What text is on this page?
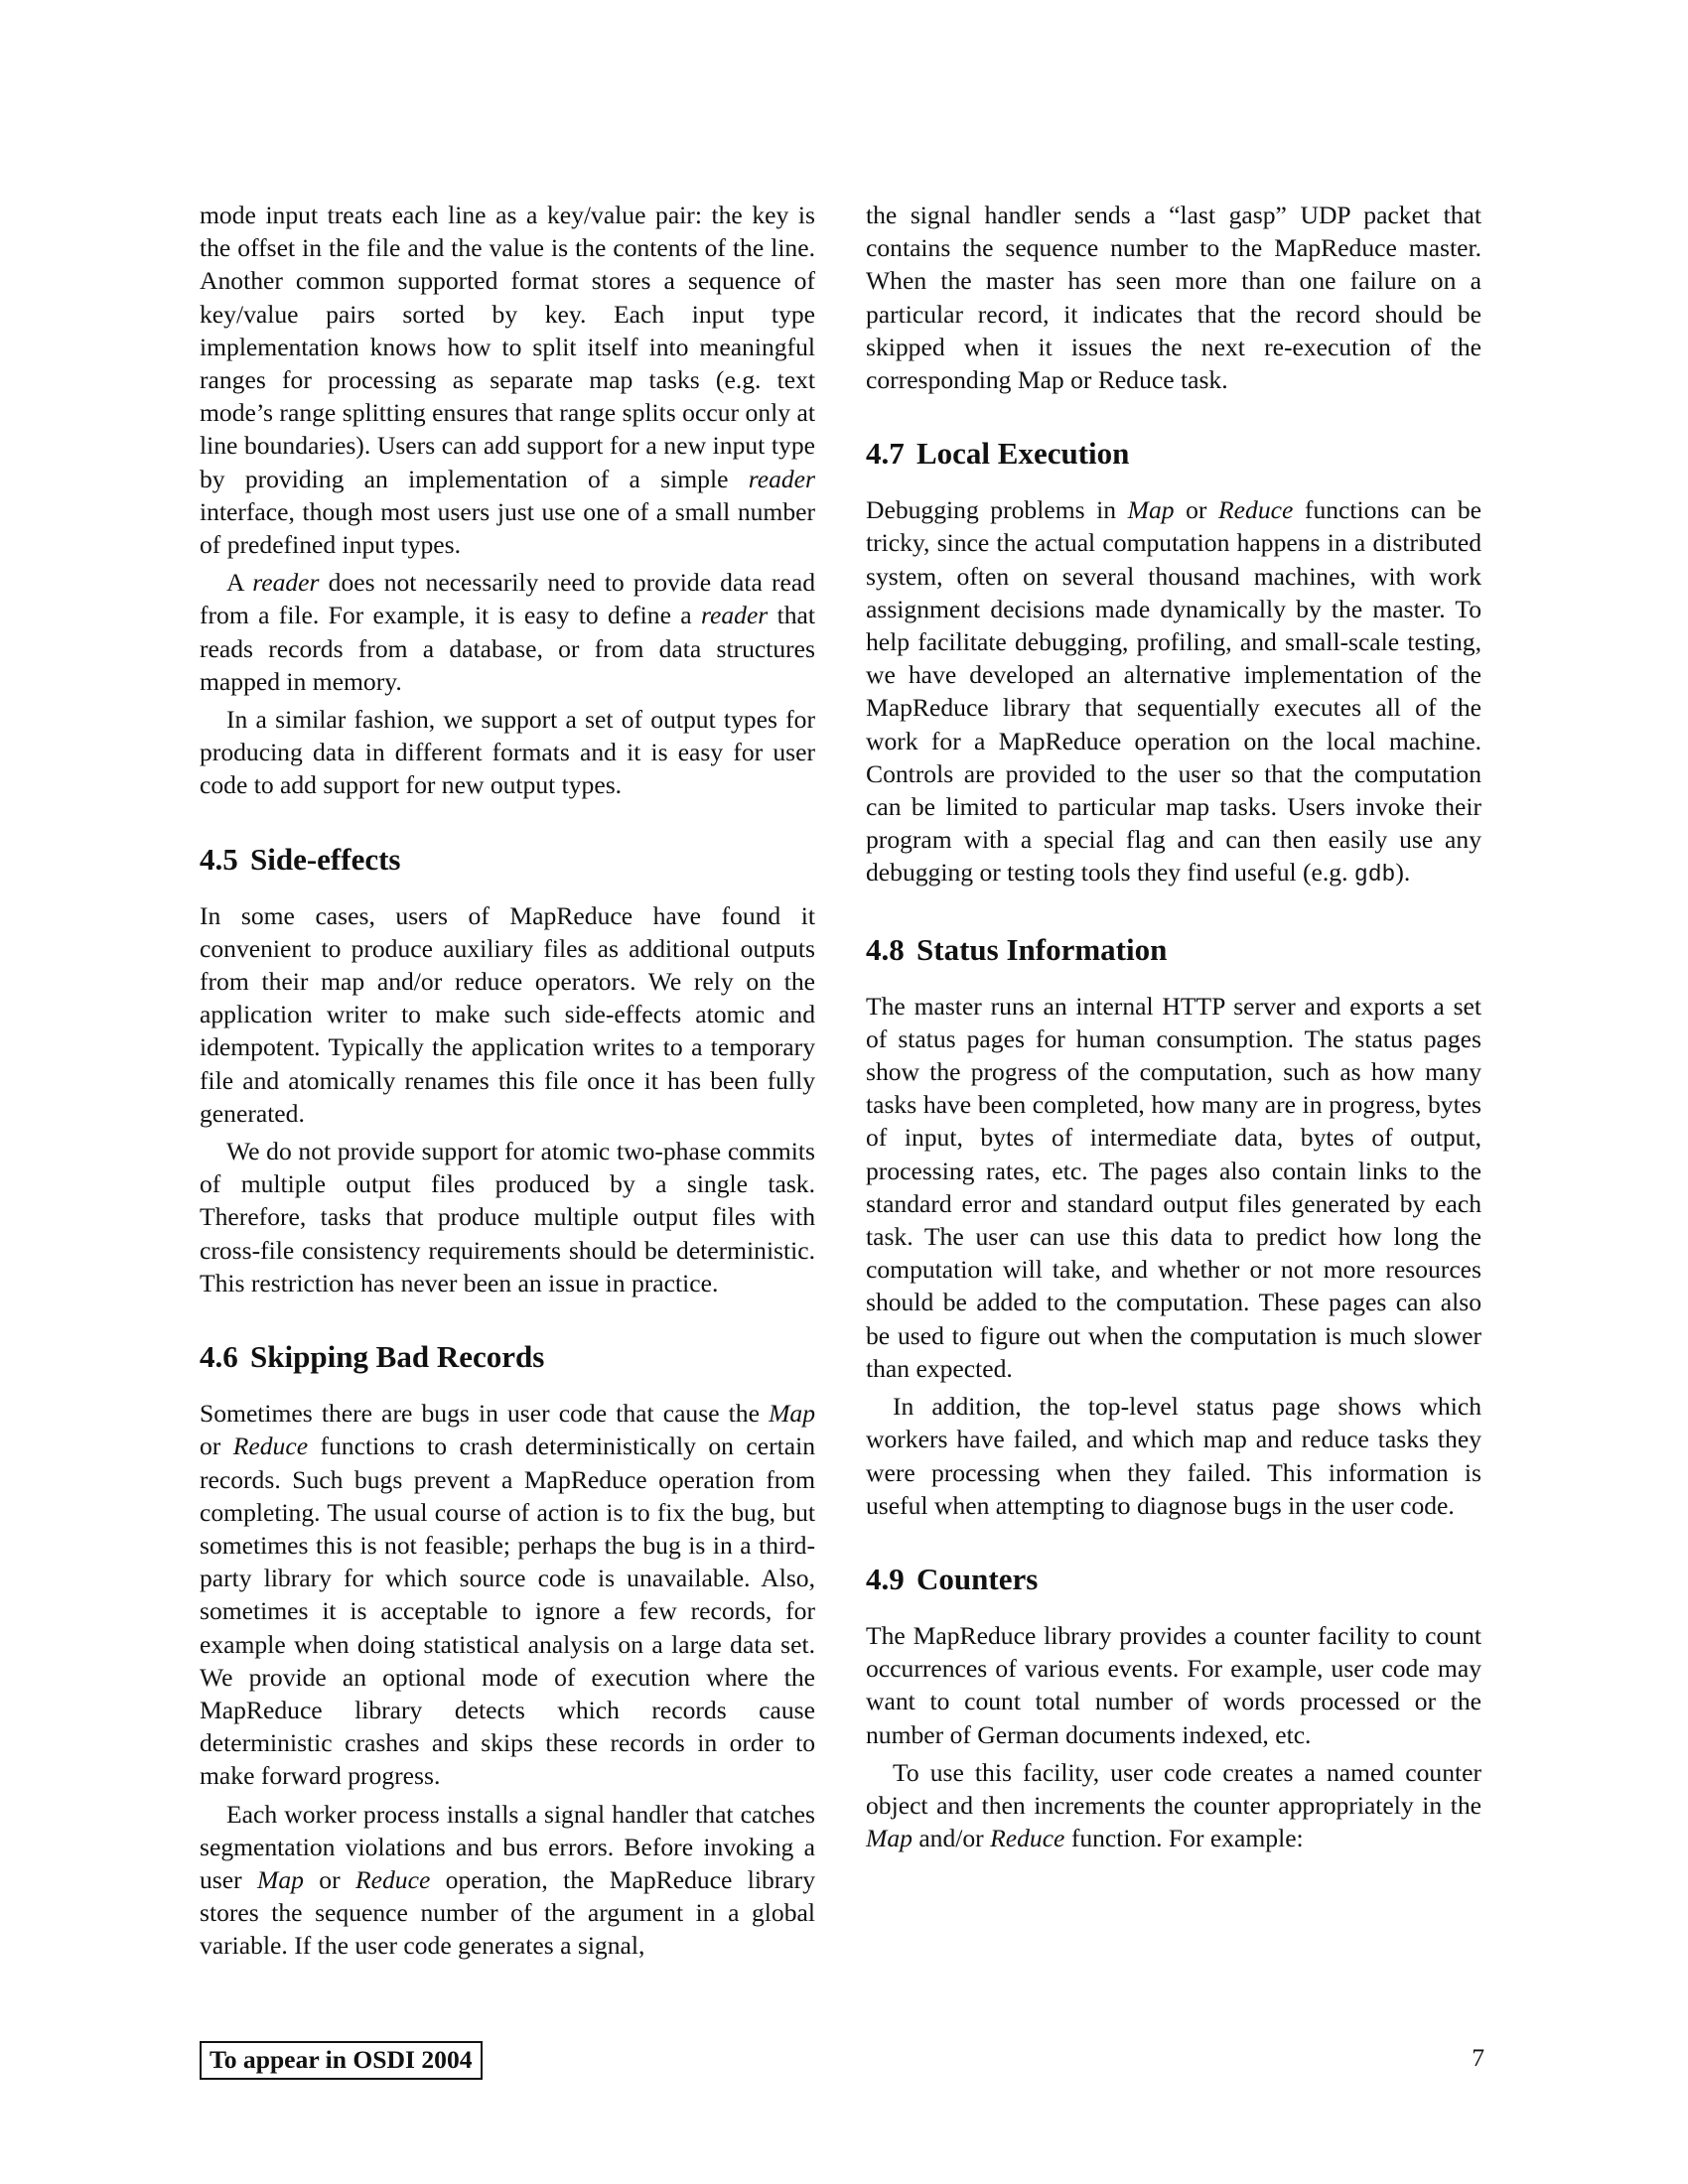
mode input treats each line as a key/value pair: the key is the offset in the file and the value is the contents of the line. Another common supported format stores a sequence of key/value pairs sorted by key. Each input type implementation knows how to split itself into meaningful ranges for processing as separate map tasks (e.g. text mode’s range splitting ensures that range splits occur only at line boundaries). Users can add support for a new input type by providing an implementation of a simple reader interface, though most users just use one of a small number of predefined input types.

A reader does not necessarily need to provide data read from a file. For example, it is easy to define a reader that reads records from a database, or from data structures mapped in memory.

In a similar fashion, we support a set of output types for producing data in different formats and it is easy for user code to add support for new output types.

4.5 Side-effects

In some cases, users of MapReduce have found it convenient to produce auxiliary files as additional outputs from their map and/or reduce operators. We rely on the application writer to make such side-effects atomic and idempotent. Typically the application writes to a temporary file and atomically renames this file once it has been fully generated.

We do not provide support for atomic two-phase commits of multiple output files produced by a single task. Therefore, tasks that produce multiple output files with cross-file consistency requirements should be deterministic. This restriction has never been an issue in practice.

4.6 Skipping Bad Records

Sometimes there are bugs in user code that cause the Map or Reduce functions to crash deterministically on certain records. Such bugs prevent a MapReduce operation from completing. The usual course of action is to fix the bug, but sometimes this is not feasible; perhaps the bug is in a third-party library for which source code is unavailable. Also, sometimes it is acceptable to ignore a few records, for example when doing statistical analysis on a large data set. We provide an optional mode of execution where the MapReduce library detects which records cause deterministic crashes and skips these records in order to make forward progress.

Each worker process installs a signal handler that catches segmentation violations and bus errors. Before invoking a user Map or Reduce operation, the MapReduce library stores the sequence number of the argument in a global variable. If the user code generates a signal,

the signal handler sends a “last gasp” UDP packet that contains the sequence number to the MapReduce master. When the master has seen more than one failure on a particular record, it indicates that the record should be skipped when it issues the next re-execution of the corresponding Map or Reduce task.

4.7 Local Execution

Debugging problems in Map or Reduce functions can be tricky, since the actual computation happens in a distributed system, often on several thousand machines, with work assignment decisions made dynamically by the master. To help facilitate debugging, profiling, and small-scale testing, we have developed an alternative implementation of the MapReduce library that sequentially executes all of the work for a MapReduce operation on the local machine. Controls are provided to the user so that the computation can be limited to particular map tasks. Users invoke their program with a special flag and can then easily use any debugging or testing tools they find useful (e.g. gdb).

4.8 Status Information

The master runs an internal HTTP server and exports a set of status pages for human consumption. The status pages show the progress of the computation, such as how many tasks have been completed, how many are in progress, bytes of input, bytes of intermediate data, bytes of output, processing rates, etc. The pages also contain links to the standard error and standard output files generated by each task. The user can use this data to predict how long the computation will take, and whether or not more resources should be added to the computation. These pages can also be used to figure out when the computation is much slower than expected.

In addition, the top-level status page shows which workers have failed, and which map and reduce tasks they were processing when they failed. This information is useful when attempting to diagnose bugs in the user code.

4.9 Counters

The MapReduce library provides a counter facility to count occurrences of various events. For example, user code may want to count total number of words processed or the number of German documents indexed, etc.

To use this facility, user code creates a named counter object and then increments the counter appropriately in the Map and/or Reduce function. For example:

To appear in OSDI 2004	7
